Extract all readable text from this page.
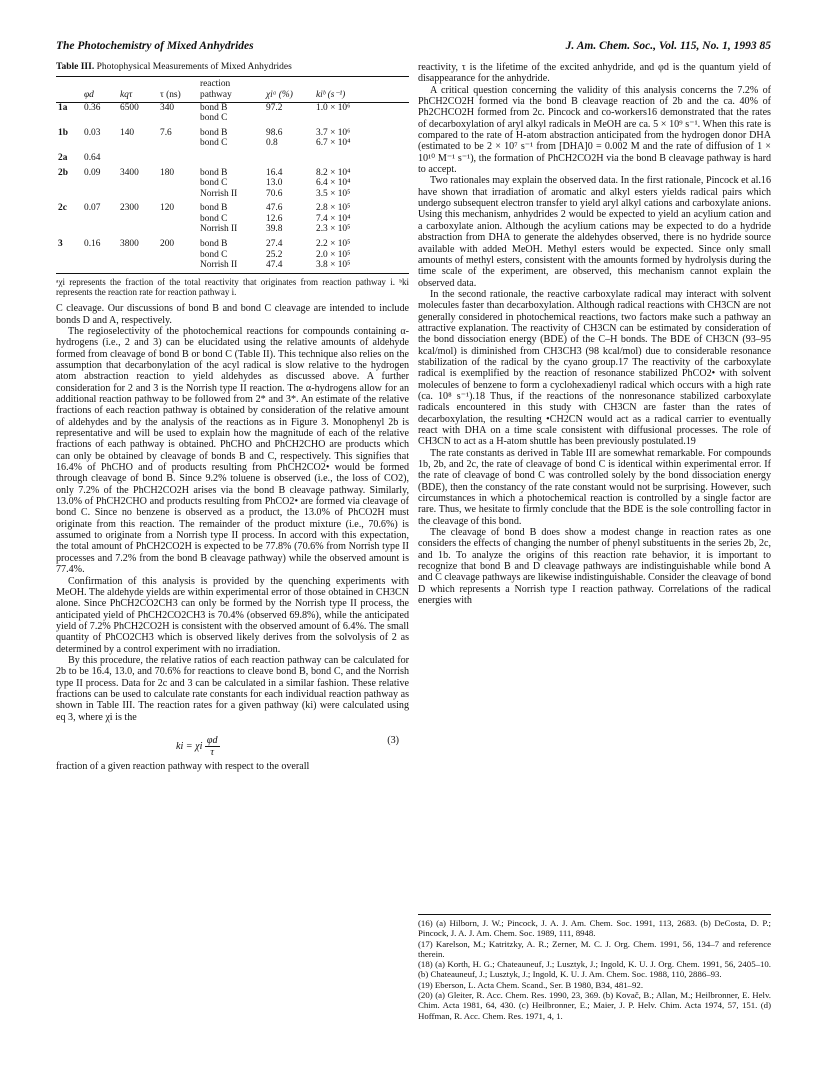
The Photochemistry of Mixed Anhydrides	J. Am. Chem. Soc., Vol. 115, No. 1, 1993 85
Table III. Photophysical Measurements of Mixed Anhydrides
	φd	kqτ	τ (ns)	reaction pathway	χiᵃ (%)	kiᵇ (s⁻¹)
1a	0.36	6500	340	bond B	97.2	1.0 × 10⁶
				bond C		
1b	0.03	140	7.6	bond B	98.6	3.7 × 10⁶
				bond C	0.8	6.7 × 10⁴
2a	0.64					
2b	0.09	3400	180	bond B	16.4	8.2 × 10⁴
				bond C	13.0	6.4 × 10⁴
				Norrish II	70.6	3.5 × 10⁵
2c	0.07	2300	120	bond B	47.6	2.8 × 10⁵
				bond C	12.6	7.4 × 10⁴
				Norrish II	39.8	2.3 × 10⁵
3	0.16	3800	200	bond B	27.4	2.2 × 10⁵
				bond C	25.2	2.0 × 10⁵
				Norrish II	47.4	3.8 × 10⁵
ᵃχi represents the fraction of the total reactivity that originates from reaction pathway i. ᵇki represents the reaction rate for reaction pathway i.

C cleavage. Our discussions of bond B and bond C cleavage are intended to include bonds D and A, respectively.

The regioselectivity of the photochemical reactions for compounds containing α-hydrogens (i.e., 2 and 3) can be elucidated using the relative amounts of aldehyde formed from cleavage of bond B or bond C (Table II). This technique also relies on the assumption that decarbonylation of the acyl radical is slow relative to the hydrogen atom abstraction reaction to yield aldehydes as discussed above. A further consideration for 2 and 3 is the Norrish type II reaction. The α-hydrogens allow for an additional reaction pathway to be followed from 2* and 3*. An estimate of the relative fractions of each reaction pathway is obtained by consideration of the relative amount of aldehydes and by the analysis of the reactions as in Figure 3. Monophenyl 2b is representative and will be used to explain how the magnitude of each of the relative fractions of each pathway is obtained. PhCHO and PhCH2CHO are products which can only be obtained by cleavage of bonds B and C, respectively. This signifies that 16.4% of PhCHO and of products resulting from PhCH2CO2• would be formed through cleavage of bond B. Since 9.2% toluene is observed (i.e., the loss of CO2), only 7.2% of the PhCH2CO2H arises via the bond B cleavage pathway. Similarly, 13.0% of PhCH2CHO and products resulting from PhCO2• are formed via cleavage of bond C. Since no benzene is observed as a product, the 13.0% of PhCO2H must originate from this reaction. The remainder of the product mixture (i.e., 70.6%) is assumed to originate from a Norrish type II process. In accord with this expectation, the total amount of PhCH2CO2H is expected to be 77.8% (70.6% from Norrish type II processes and 7.2% from the bond B cleavage pathway) while the observed amount is 77.4%.

Confirmation of this analysis is provided by the quenching experiments with MeOH. The aldehyde yields are within experimental error of those obtained in CH3CN alone. Since PhCH2CO2CH3 can only be formed by the Norrish type II process, the anticipated yield of PhCH2CO2CH3 is 70.4% (observed 69.8%), while the anticipated yield of 7.2% PhCH2CO2H is consistent with the observed amount of 6.4%. The small quantity of PhCO2CH3 which is observed likely derives from the solvolysis of 2 as determined by a control experiment with no irradiation.

By this procedure, the relative ratios of each reaction pathway can be calculated for 2b to be 16.4, 13.0, and 70.6% for reactions to cleave bond B, bond C, and the Norrish type II process. Data for 2c and 3 can be calculated in a similar fashion. These relative fractions can be used to calculate rate constants for each individual reaction pathway as shown in Table III. The reaction rates for a given pathway (ki) were calculated using eq 3, where χi is the

ki = χi $\frac{\varphi d}{\tau}$	(3)

fraction of a given reaction pathway with respect to the overall

reactivity, τ is the lifetime of the excited anhydride, and φd is the quantum yield of disappearance for the anhydride.

A critical question concerning the validity of this analysis concerns the 7.2% of PhCH2CO2H formed via the bond B cleavage reaction of 2b and the ca. 40% of Ph2CHCO2H formed from 2c. Pincock and co-workers16 demonstrated that the rates of decarboxylation of aryl alkyl radicals in MeOH are ca. 5 × 10⁹ s⁻¹. When this rate is compared to the rate of H-atom abstraction anticipated from the hydrogen donor DHA (estimated to be 2 × 10⁷ s⁻¹ from [DHA]0 = 0.002 M and the rate of diffusion of 1 × 10¹⁰ M⁻¹ s⁻¹), the formation of PhCH2CO2H via the bond B cleavage pathway is hard to accept.

Two rationales may explain the observed data. In the first rationale, Pincock et al.16 have shown that irradiation of aromatic and alkyl esters yields radical pairs which undergo subsequent electron transfer to yield aryl alkyl cations and carboxylate anions. Using this mechanism, anhydrides 2 would be expected to yield an acylium cation and a carboxylate anion. Although the acylium cations may be expected to do a hydride abstraction from DHA to generate the aldehydes observed, there is no hydride source available with added MeOH. Methyl esters would be expected. Since only small amounts of methyl esters, consistent with the amounts formed by hydrolysis during the time scale of the experiment, are observed, this mechanism cannot explain the observed data.

In the second rationale, the reactive carboxylate radical may interact with solvent molecules faster than decarboxylation. Although radical reactions with CH3CN are not generally considered in photochemical reactions, two factors make such a pathway an attractive explanation. The reactivity of CH3CN can be estimated by consideration of the bond dissociation energy (BDE) of the C–H bonds. The BDE of CH3CN (93–95 kcal/mol) is diminished from CH3CH3 (98 kcal/mol) due to considerable resonance stabilization of the radical by the cyano group.17 The reactivity of the carboxylate radical is exemplified by the reaction of resonance stabilized PhCO2• with solvent molecules of benzene to form a cyclohexadienyl radical which occurs with a high rate (ca. 10⁸ s⁻¹).18 Thus, if the reactions of the nonresonance stabilized carboxylate radicals encountered in this study with CH3CN are faster than the rates of decarboxylation, the resulting •CH2CN would act as a radical carrier to eventually react with DHA on a time scale consistent with diffusional processes. The role of CH3CN to act as a H-atom shuttle has been previously postulated.19

The rate constants as derived in Table III are somewhat remarkable. For compounds 1b, 2b, and 2c, the rate of cleavage of bond C is identical within experimental error. If the rate of cleavage of bond C was controlled solely by the bond dissociation energy (BDE), then the constancy of the rate constant would not be surprising. However, such circumstances in which a photochemical reaction is controlled by a single factor are rare. Thus, we hesitate to firmly conclude that the BDE is the sole controlling factor in the cleavage of this bond.

The cleavage of bond B does show a modest change in reaction rates as one considers the effects of changing the number of phenyl substituents in the series 2b, 2c, and 1b. To analyze the origins of this reaction rate behavior, it is important to recognize that bond B and D cleavage pathways are indistinguishable while bond A and C cleavage pathways are likewise indistinguishable. Consider the cleavage of bond D which represents a Norrish type I reaction pathway. Correlations of the radical energies with

(16) (a) Hilborn, J. W.; Pincock, J. A. J. Am. Chem. Soc. 1991, 113, 2683. (b) DeCosta, D. P.; Pincock, J. A. J. Am. Chem. Soc. 1989, 111, 8948.

(17) Karelson, M.; Katritzky, A. R.; Zerner, M. C. J. Org. Chem. 1991, 56, 134–7 and reference therein.

(18) (a) Korth, H. G.; Chateauneuf, J.; Lusztyk, J.; Ingold, K. U. J. Org. Chem. 1991, 56, 2405–10. (b) Chateauneuf, J.; Lusztyk, J.; Ingold, K. U. J. Am. Chem. Soc. 1988, 110, 2886–93.

(19) Eberson, L. Acta Chem. Scand., Ser. B 1980, B34, 481–92.

(20) (a) Gleiter, R. Acc. Chem. Res. 1990, 23, 369. (b) Kovač, B.; Allan, M.; Heilbronner, E. Helv. Chim. Acta 1981, 64, 430. (c) Heilbronner, E.; Maier, J. P. Helv. Chim. Acta 1974, 57, 151. (d) Hoffman, R. Acc. Chem. Res. 1971, 4, 1.
